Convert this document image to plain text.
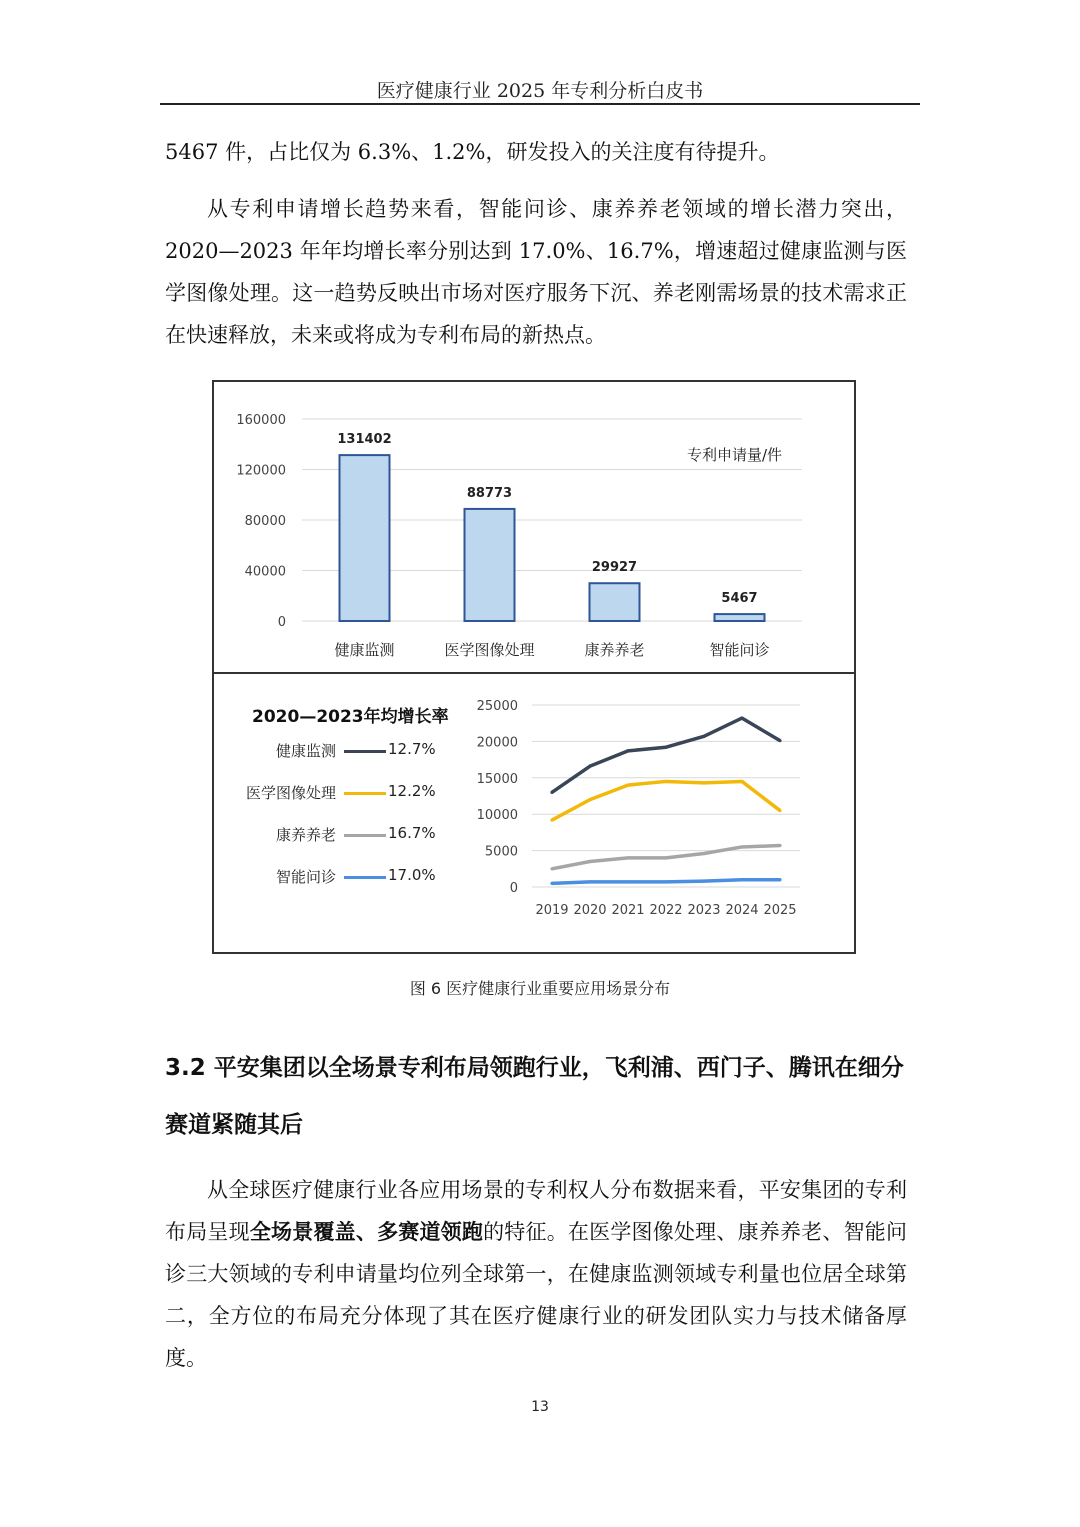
医疗健康行业 2025 年专利分析白皮书

5467 件，占比仅为 6.3%、1.2%，研发投入的关注度有待提升。

从专利申请增长趋势来看，智能问诊、康养养老领域的增长潜力突出，2020—2023 年年均增长率分别达到 17.0%、16.7%，增速超过健康监测与医学图像处理。这一趋势反映出市场对医疗服务下沉、养老刚需场景的技术需求正在快速释放，未来或将成为专利布局的新热点。

0
40000
80000
120000
160000
131402
健康监测
88773
医学图像处理
29927
康养养老
5467
智能问诊
专利申请量/件
0
5000
10000
15000
20000
25000
2019 2020 2021 2022 2023 2024 2025
2020—2023年均增长率
健康监测	12.7%
医学图像处理	12.2%
康养养老	16.7%
智能问诊	17.0%
图 6 医疗健康行业重要应用场景分布
3.2 平安集团以全场景专利布局领跑行业，飞利浦、西门子、腾讯在细分赛道紧随其后

从全球医疗健康行业各应用场景的专利权人分布数据来看，平安集团的专利布局呈现全场景覆盖、多赛道领跑的特征。在医学图像处理、康养养老、智能问诊三大领域的专利申请量均位列全球第一，在健康监测领域专利量也位居全球第二，全方位的布局充分体现了其在医疗健康行业的研发团队实力与技术储备厚度。

13
